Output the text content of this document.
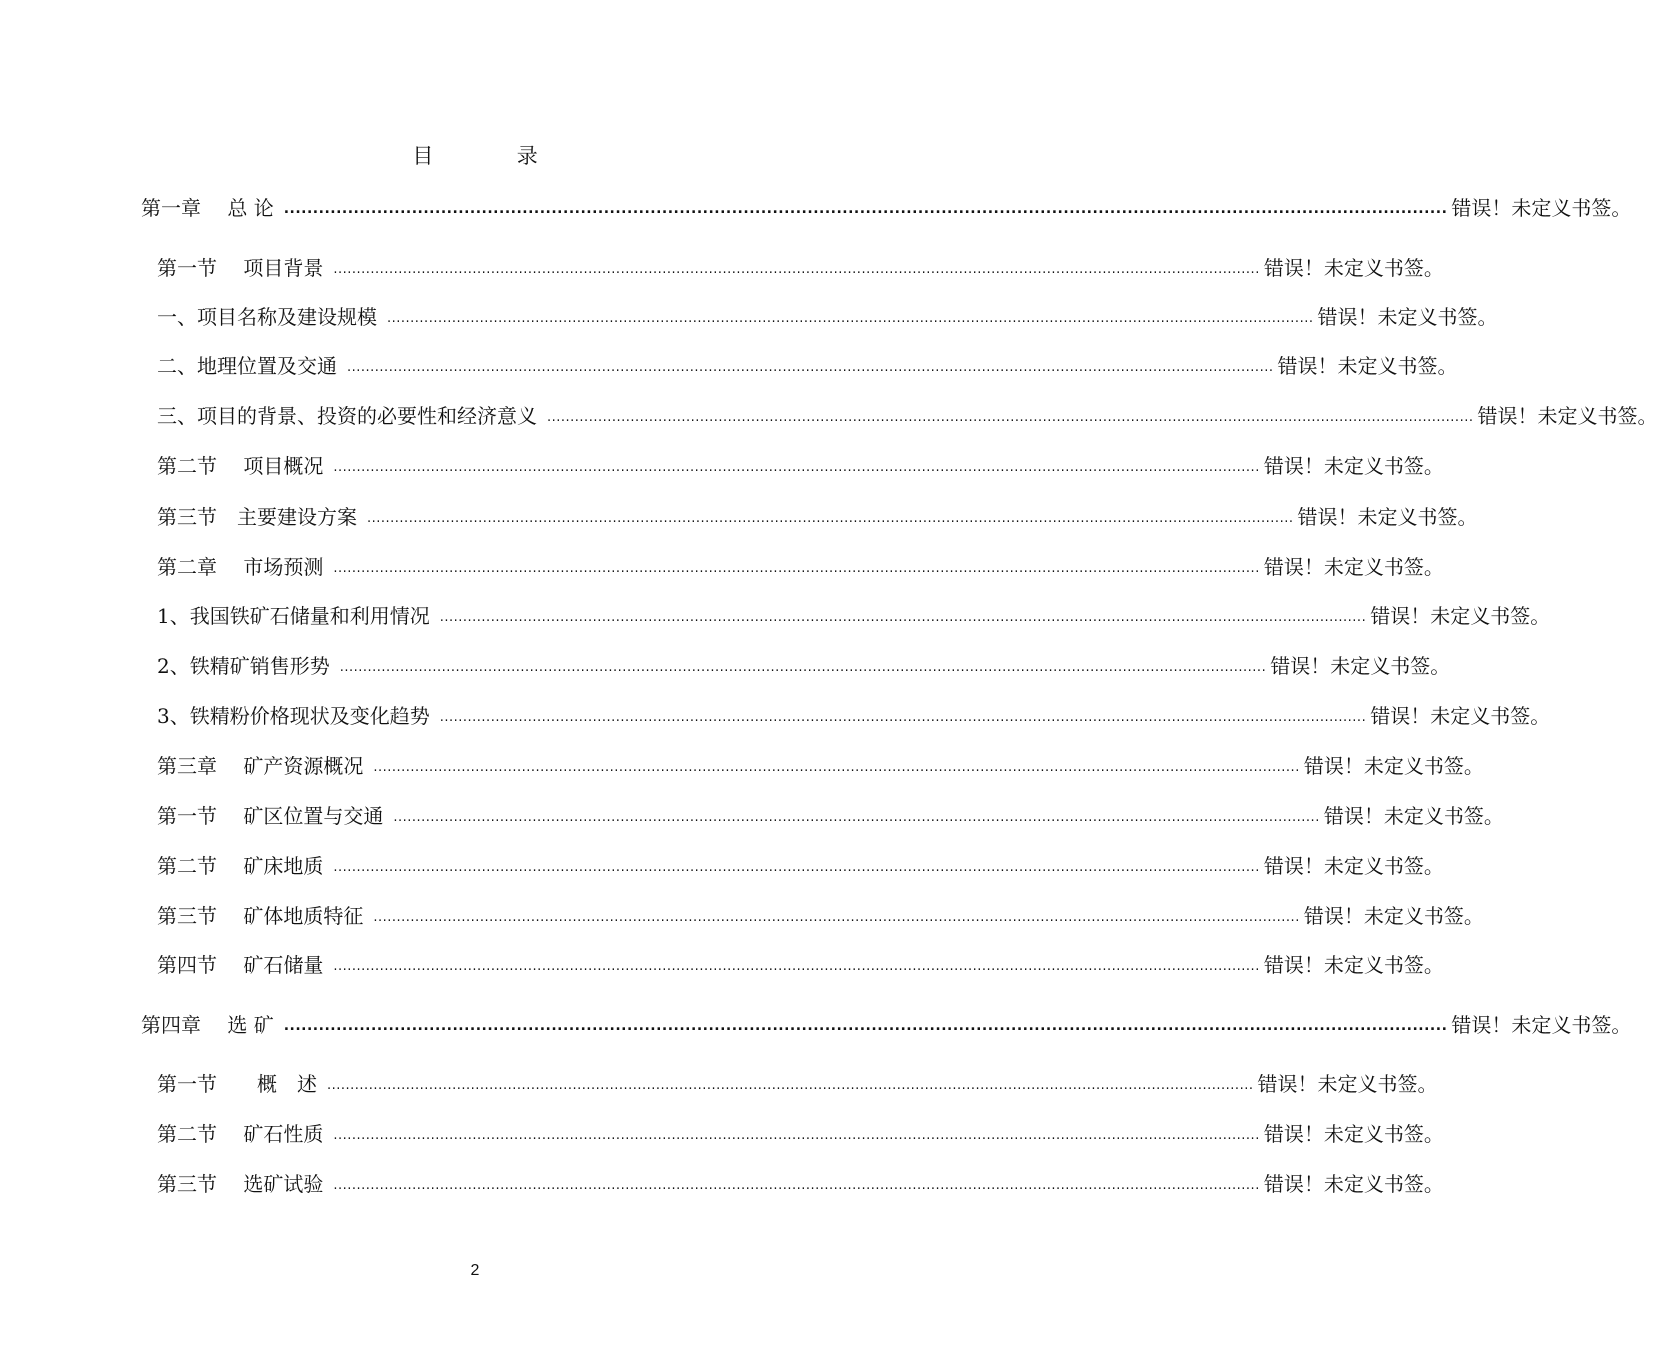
目	录
第一章　 总 论 ........................................................................................................................................................................................................ 错误！未定义书签。
第一节　 项目背景 ........................................................................................................................................................................................................ 错误！未定义书签。
一、项目名称及建设规模 ........................................................................................................................................................................................................ 错误！未定义书签。
二、地理位置及交通 ........................................................................................................................................................................................................ 错误！未定义书签。
三、项目的背景、投资的必要性和经济意义 ........................................................................................................................................................................................................ 错误！未定义书签。
第二节　 项目概况 ........................................................................................................................................................................................................ 错误！未定义书签。
第三节　主要建设方案 ........................................................................................................................................................................................................ 错误！未定义书签。
第二章　 市场预测 ........................................................................................................................................................................................................ 错误！未定义书签。
1、我国铁矿石储量和利用情况 ........................................................................................................................................................................................................ 错误！未定义书签。
2、铁精矿销售形势 ........................................................................................................................................................................................................ 错误！未定义书签。
3、铁精粉价格现状及变化趋势 ........................................................................................................................................................................................................ 错误！未定义书签。
第三章　 矿产资源概况 ........................................................................................................................................................................................................ 错误！未定义书签。
第一节　 矿区位置与交通 ........................................................................................................................................................................................................ 错误！未定义书签。
第二节　 矿床地质 ........................................................................................................................................................................................................ 错误！未定义书签。
第三节　 矿体地质特征 ........................................................................................................................................................................................................ 错误！未定义书签。
第四节　 矿石储量 ........................................................................................................................................................................................................ 错误！未定义书签。
第四章　 选 矿 ........................................................................................................................................................................................................ 错误！未定义书签。
第一节　　概　述 ........................................................................................................................................................................................................ 错误！未定义书签。
第二节　 矿石性质 ........................................................................................................................................................................................................ 错误！未定义书签。
第三节　 选矿试验 ........................................................................................................................................................................................................ 错误！未定义书签。
2
